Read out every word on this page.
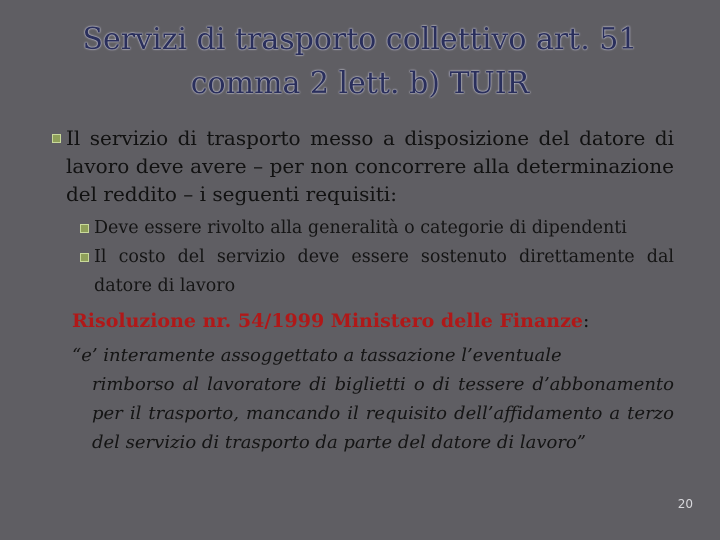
Servizi di trasporto collettivo art. 51
comma 2 lett. b) TUIR
Il servizio di trasporto messo a disposizione del datore di lavoro deve avere – per non concorrere alla determinazione del reddito – i seguenti requisiti:
Deve essere rivolto alla generalità o categorie di dipendenti
Il costo del servizio deve essere sostenuto direttamente dal datore di lavoro
Risoluzione nr. 54/1999 Ministero delle Finanze:
“e’ interamente assoggettato a tassazione l’eventuale
rimborso al lavoratore di biglietti o di tessere d’abbonamento per il trasporto, mancando il requisito dell’affidamento a terzo del servizio di trasporto da parte del datore di lavoro”
20
